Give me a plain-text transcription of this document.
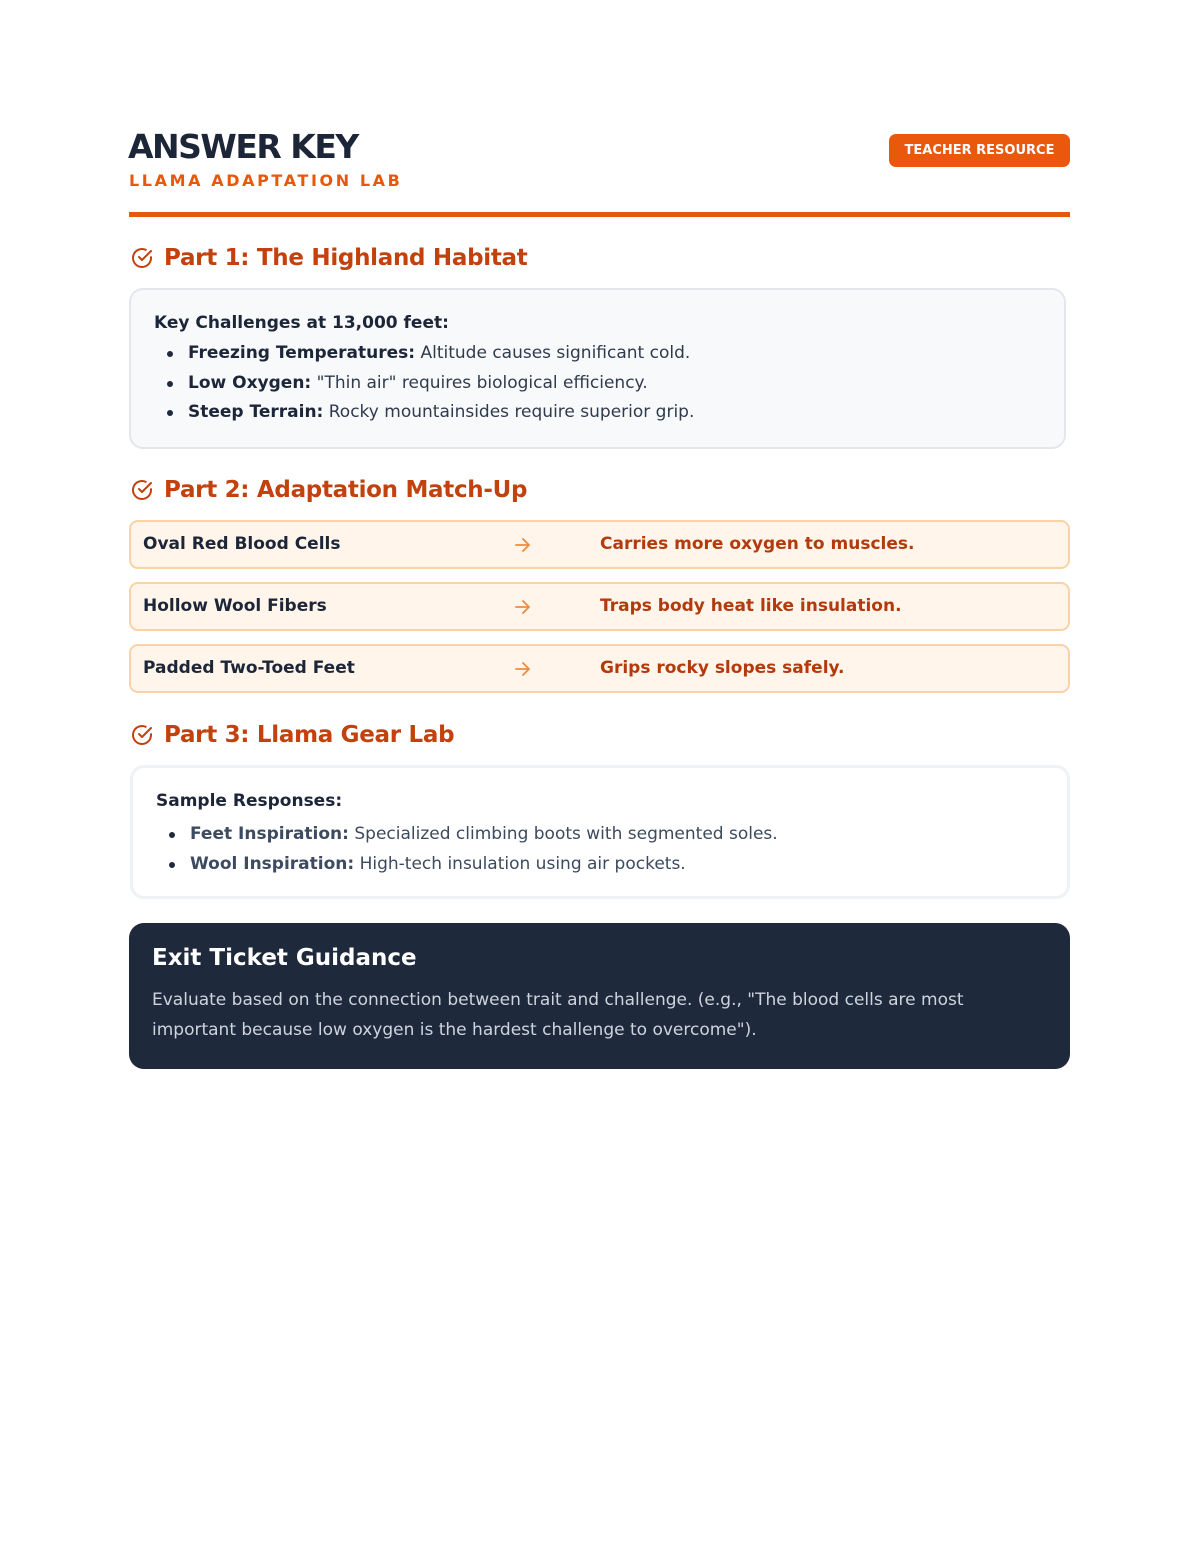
ANSWER KEY
LLAMA ADAPTATION LAB
TEACHER RESOURCE
Part 1: The Highland Habitat
Key Challenges at 13,000 feet:
Freezing Temperatures: Altitude causes significant cold.
Low Oxygen: "Thin air" requires biological efficiency.
Steep Terrain: Rocky mountainsides require superior grip.
Part 2: Adaptation Match-Up
Oval Red Blood Cells	Carries more oxygen to muscles.
Hollow Wool Fibers	Traps body heat like insulation.
Padded Two-Toed Feet	Grips rocky slopes safely.
Part 3: Llama Gear Lab
Sample Responses:
Feet Inspiration: Specialized climbing boots with segmented soles.
Wool Inspiration: High-tech insulation using air pockets.
Exit Ticket Guidance
Evaluate based on the connection between trait and challenge. (e.g., "The blood cells are most important because low oxygen is the hardest challenge to overcome").
